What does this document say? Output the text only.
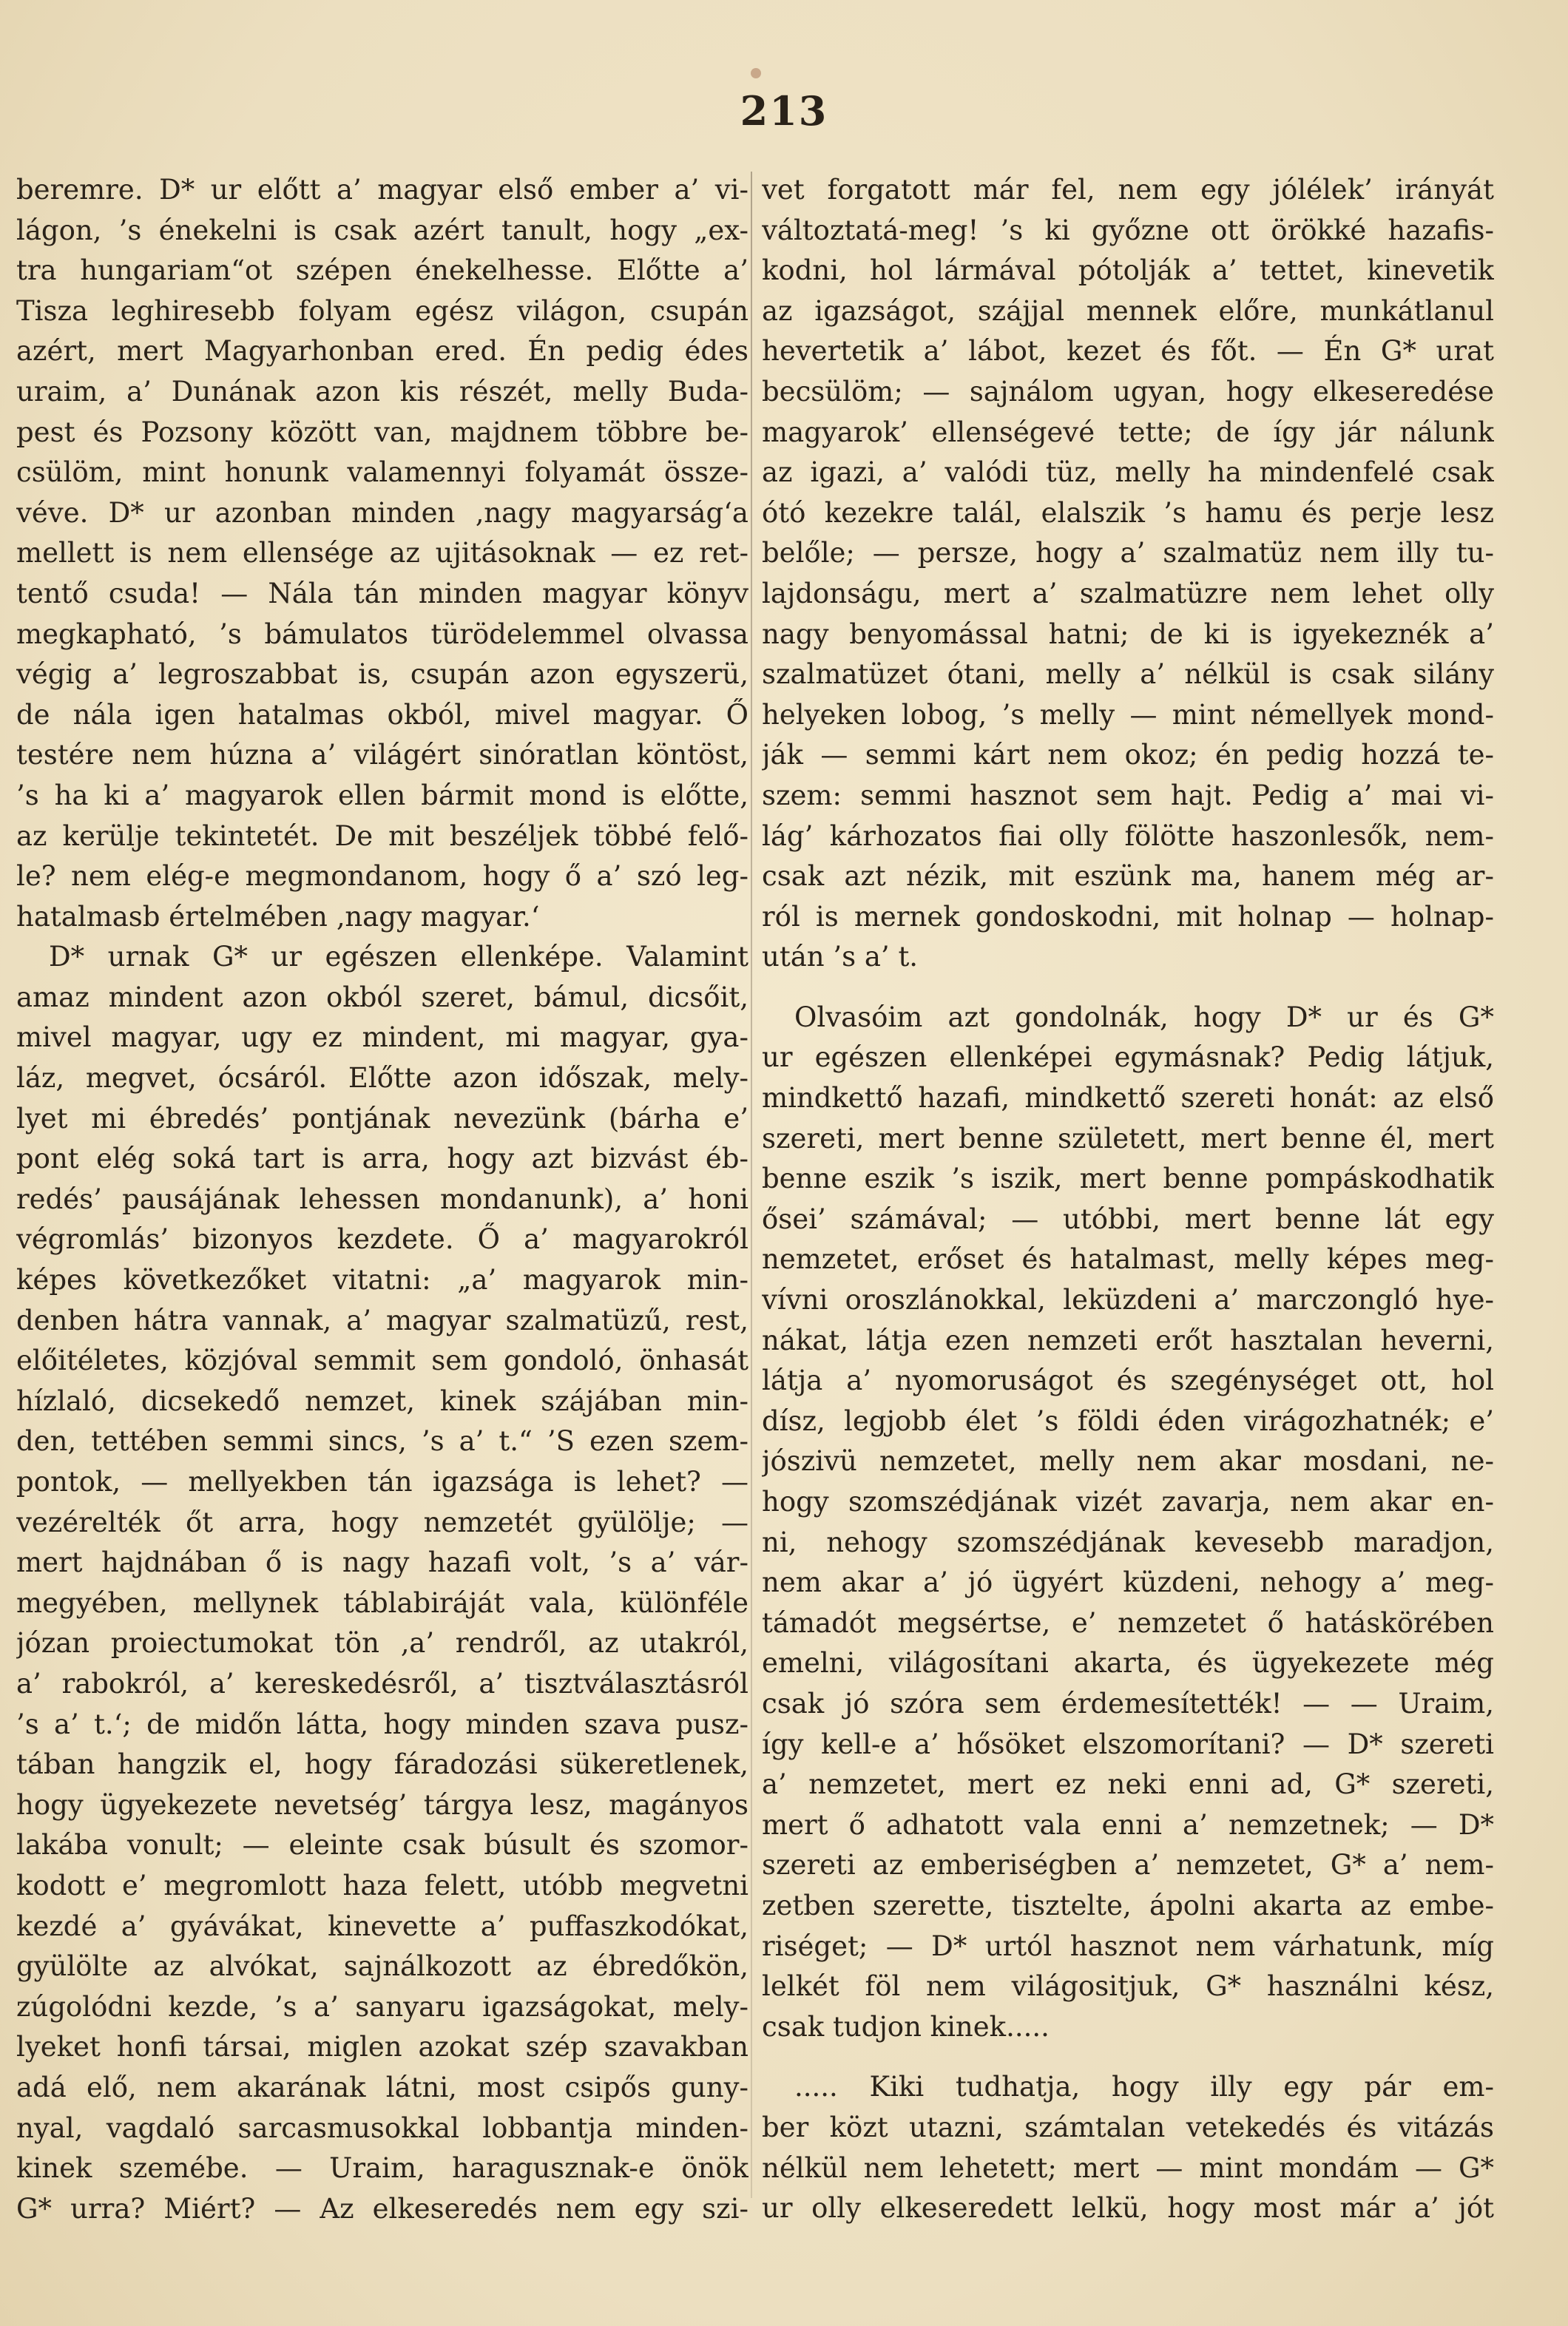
213
beremre. D* ur előtt a’ magyar első ember a’ vi-
lágon, ’s énekelni is csak azért tanult, hogy „ex-
tra hungariam“ot szépen énekelhesse. Előtte a’
Tisza leghiresebb folyam egész világon, csupán
azért, mert Magyarhonban ered. Én pedig édes
uraim, a’ Dunának azon kis részét, melly Buda-
pest és Pozsony között van, majdnem többre be-
csülöm, mint honunk valamennyi folyamát össze-
véve. D* ur azonban minden ‚nagy magyarság‘a
mellett is nem ellensége az ujitásoknak — ez ret-
tentő csuda! — Nála tán minden magyar könyv
megkapható, ’s bámulatos türödelemmel olvassa
végig a’ legroszabbat is, csupán azon egyszerü,
de nála igen hatalmas okból, mivel magyar. Ő
testére nem húzna a’ világért sinóratlan köntöst,
’s ha ki a’ magyarok ellen bármit mond is előtte,
az kerülje tekintetét. De mit beszéljek többé felő-
le? nem elég-e megmondanom, hogy ő a’ szó leg-
hatalmasb értelmében ‚nagy magyar.‘
D* urnak G* ur egészen ellenképe. Valamint
amaz mindent azon okból szeret, bámul, dicsőit,
mivel magyar, ugy ez mindent, mi magyar, gya-
láz, megvet, ócsáról. Előtte azon időszak, mely-
lyet mi ébredés’ pontjának nevezünk (bárha e’
pont elég soká tart is arra, hogy azt bizvást éb-
redés’ pausájának lehessen mondanunk), a’ honi
végromlás’ bizonyos kezdete. Ő a’ magyarokról
képes következőket vitatni: „a’ magyarok min-
denben hátra vannak, a’ magyar szalmatüzű, rest,
előitéletes, közjóval semmit sem gondoló, önhasát
hízlaló, dicsekedő nemzet, kinek szájában min-
den, tettében semmi sincs, ’s a’ t.“ ’S ezen szem-
pontok, — mellyekben tán igazsága is lehet? —
vezérelték őt arra, hogy nemzetét gyülölje; —
mert hajdnában ő is nagy hazafi volt, ’s a’ vár-
megyében, mellynek táblabiráját vala, különféle
józan proiectumokat tön ‚a’ rendről, az utakról,
a’ rabokról, a’ kereskedésről, a’ tisztválasztásról
’s a’ t.‘; de midőn látta, hogy minden szava pusz-
tában hangzik el, hogy fáradozási sükeretlenek,
hogy ügyekezete nevetség’ tárgya lesz, magányos
lakába vonult; — eleinte csak búsult és szomor-
kodott e’ megromlott haza felett, utóbb megvetni
kezdé a’ gyávákat, kinevette a’ puffaszkodókat,
gyülölte az alvókat, sajnálkozott az ébredőkön,
zúgolódni kezde, ’s a’ sanyaru igazságokat, mely-
lyeket honfi társai, miglen azokat szép szavakban
adá elő, nem akarának látni, most csipős guny-
nyal, vagdaló sarcasmusokkal lobbantja minden-
kinek szemébe. — Uraim, haragusznak-e önök
G* urra? Miért? — Az elkeseredés nem egy szi-
vet forgatott már fel, nem egy jólélek’ irányát
változtatá-meg! ’s ki győzne ott örökké hazafis-
kodni, hol lármával pótolják a’ tettet, kinevetik
az igazságot, szájjal mennek előre, munkátlanul
hevertetik a’ lábot, kezet és főt. — Én G* urat
becsülöm; — sajnálom ugyan, hogy elkeseredése
magyarok’ ellenségevé tette; de így jár nálunk
az igazi, a’ valódi tüz, melly ha mindenfelé csak
ótó kezekre talál, elalszik ’s hamu és perje lesz
belőle; — persze, hogy a’ szalmatüz nem illy tu-
lajdonságu, mert a’ szalmatüzre nem lehet olly
nagy benyomással hatni; de ki is igyekeznék a’
szalmatüzet ótani, melly a’ nélkül is csak silány
helyeken lobog, ’s melly — mint némellyek mond-
ják — semmi kárt nem okoz; én pedig hozzá te-
szem: semmi hasznot sem hajt. Pedig a’ mai vi-
lág’ kárhozatos fiai olly fölötte haszonlesők, nem-
csak azt nézik, mit eszünk ma, hanem még ar-
ról is mernek gondoskodni, mit holnap — holnap-
után ’s a’ t.
Olvasóim azt gondolnák, hogy D* ur és G*
ur egészen ellenképei egymásnak? Pedig látjuk,
mindkettő hazafi, mindkettő szereti honát: az első
szereti, mert benne született, mert benne él, mert
benne eszik ’s iszik, mert benne pompáskodhatik
ősei’ számával; — utóbbi, mert benne lát egy
nemzetet, erőset és hatalmast, melly képes meg-
vívni oroszlánokkal, leküzdeni a’ marczongló hye-
nákat, látja ezen nemzeti erőt hasztalan heverni,
látja a’ nyomoruságot és szegénységet ott, hol
dísz, legjobb élet ’s földi éden virágozhatnék; e’
jószivü nemzetet, melly nem akar mosdani, ne-
hogy szomszédjának vizét zavarja, nem akar en-
ni, nehogy szomszédjának kevesebb maradjon,
nem akar a’ jó ügyért küzdeni, nehogy a’ meg-
támadót megsértse, e’ nemzetet ő hatáskörében
emelni, világosítani akarta, és ügyekezete még
csak jó szóra sem érdemesítették! — — Uraim,
így kell-e a’ hősöket elszomorítani? — D* szereti
a’ nemzetet, mert ez neki enni ad, G* szereti,
mert ő adhatott vala enni a’ nemzetnek; — D*
szereti az emberiségben a’ nemzetet, G* a’ nem-
zetben szerette, tisztelte, ápolni akarta az embe-
riséget; — D* urtól hasznot nem várhatunk, míg
lelkét föl nem világositjuk, G* használni kész,
csak tudjon kinek.....
..... Kiki tudhatja, hogy illy egy pár em-
ber közt utazni, számtalan vetekedés és vitázás
nélkül nem lehetett; mert — mint mondám — G*
ur olly elkeseredett lelkü, hogy most már a’ jót
